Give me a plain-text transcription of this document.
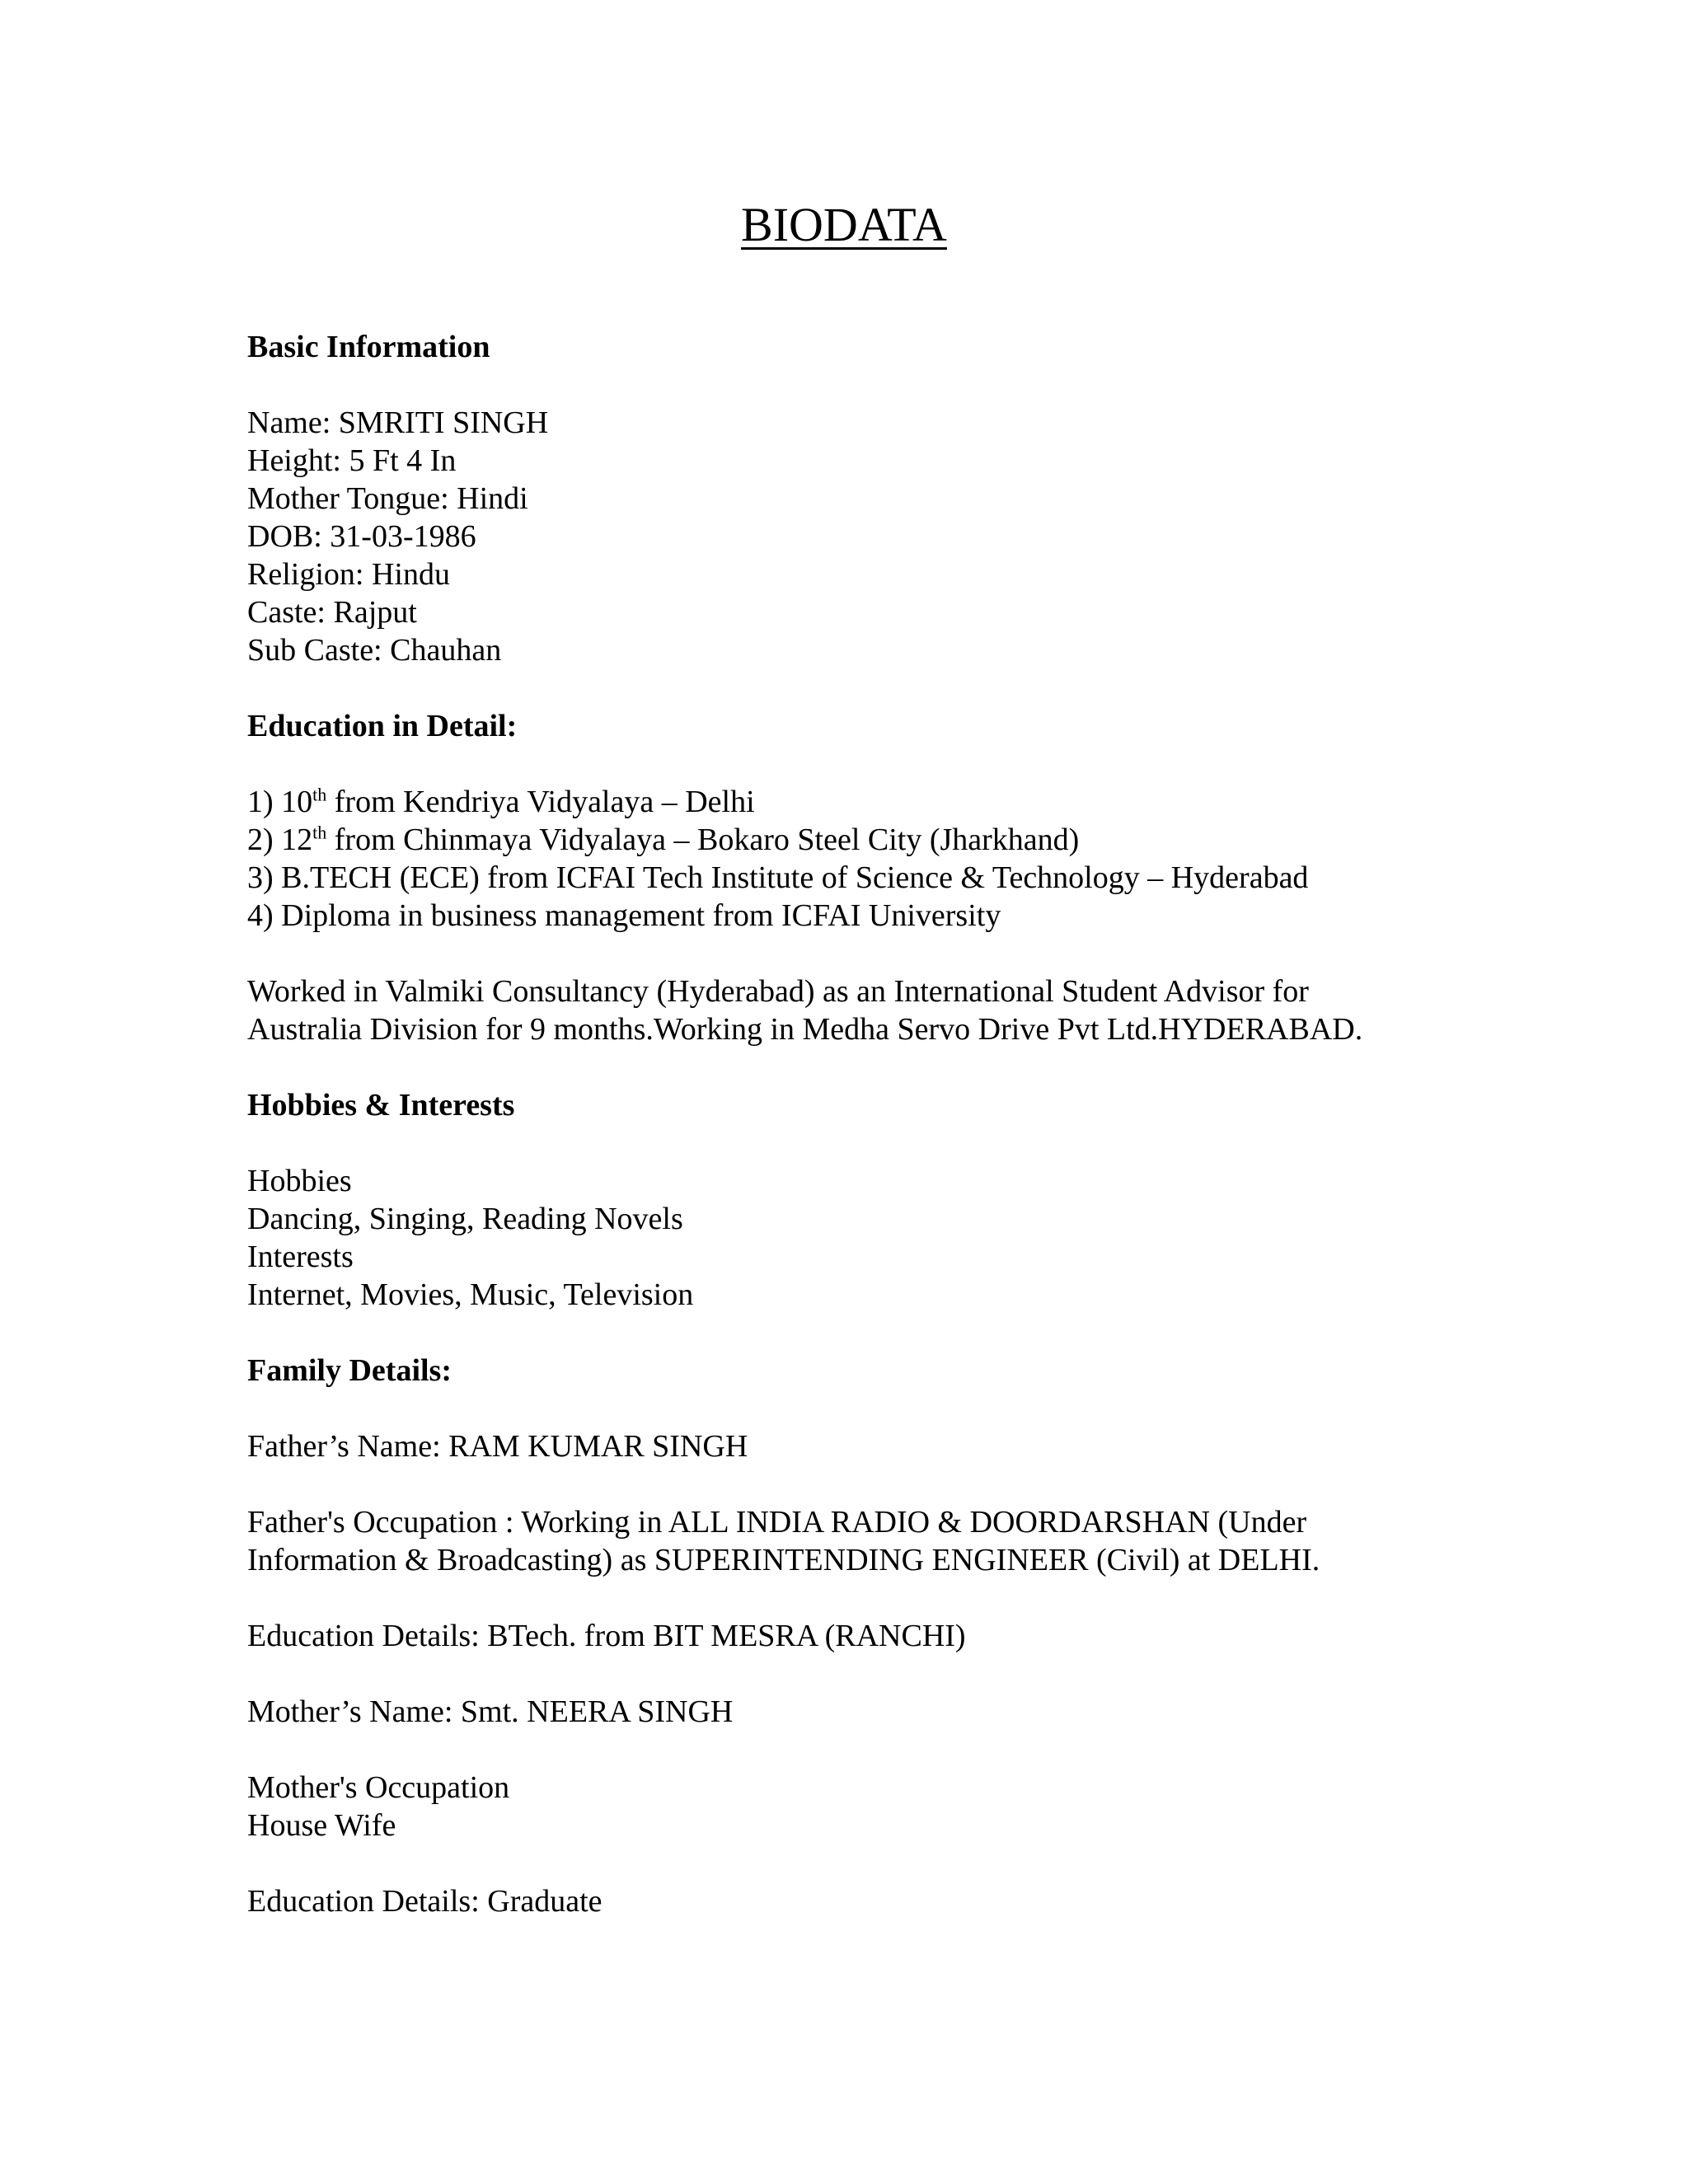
BIODATA
Basic Information
Name: SMRITI SINGH
Height: 5 Ft 4 In
Mother Tongue: Hindi
DOB: 31-03-1986
Religion: Hindu
Caste: Rajput
Sub Caste: Chauhan
Education in Detail:
1) 10th from Kendriya Vidyalaya – Delhi
2) 12th from Chinmaya Vidyalaya – Bokaro Steel City (Jharkhand)
3) B.TECH (ECE) from ICFAI Tech Institute of Science & Technology – Hyderabad
4) Diploma in business management from ICFAI University
Worked in Valmiki Consultancy (Hyderabad) as an International Student Advisor for
Australia Division for 9 months.Working in Medha Servo Drive Pvt Ltd.HYDERABAD.
Hobbies & Interests
Hobbies
Dancing, Singing, Reading Novels
Interests
Internet, Movies, Music, Television
Family Details:
Father’s Name: RAM KUMAR SINGH
Father's Occupation : Working in ALL INDIA RADIO & DOORDARSHAN (Under
Information & Broadcasting) as SUPERINTENDING ENGINEER (Civil) at DELHI.
Education Details: BTech. from BIT MESRA (RANCHI)
Mother’s Name: Smt. NEERA SINGH
Mother's Occupation
House Wife
Education Details: Graduate
